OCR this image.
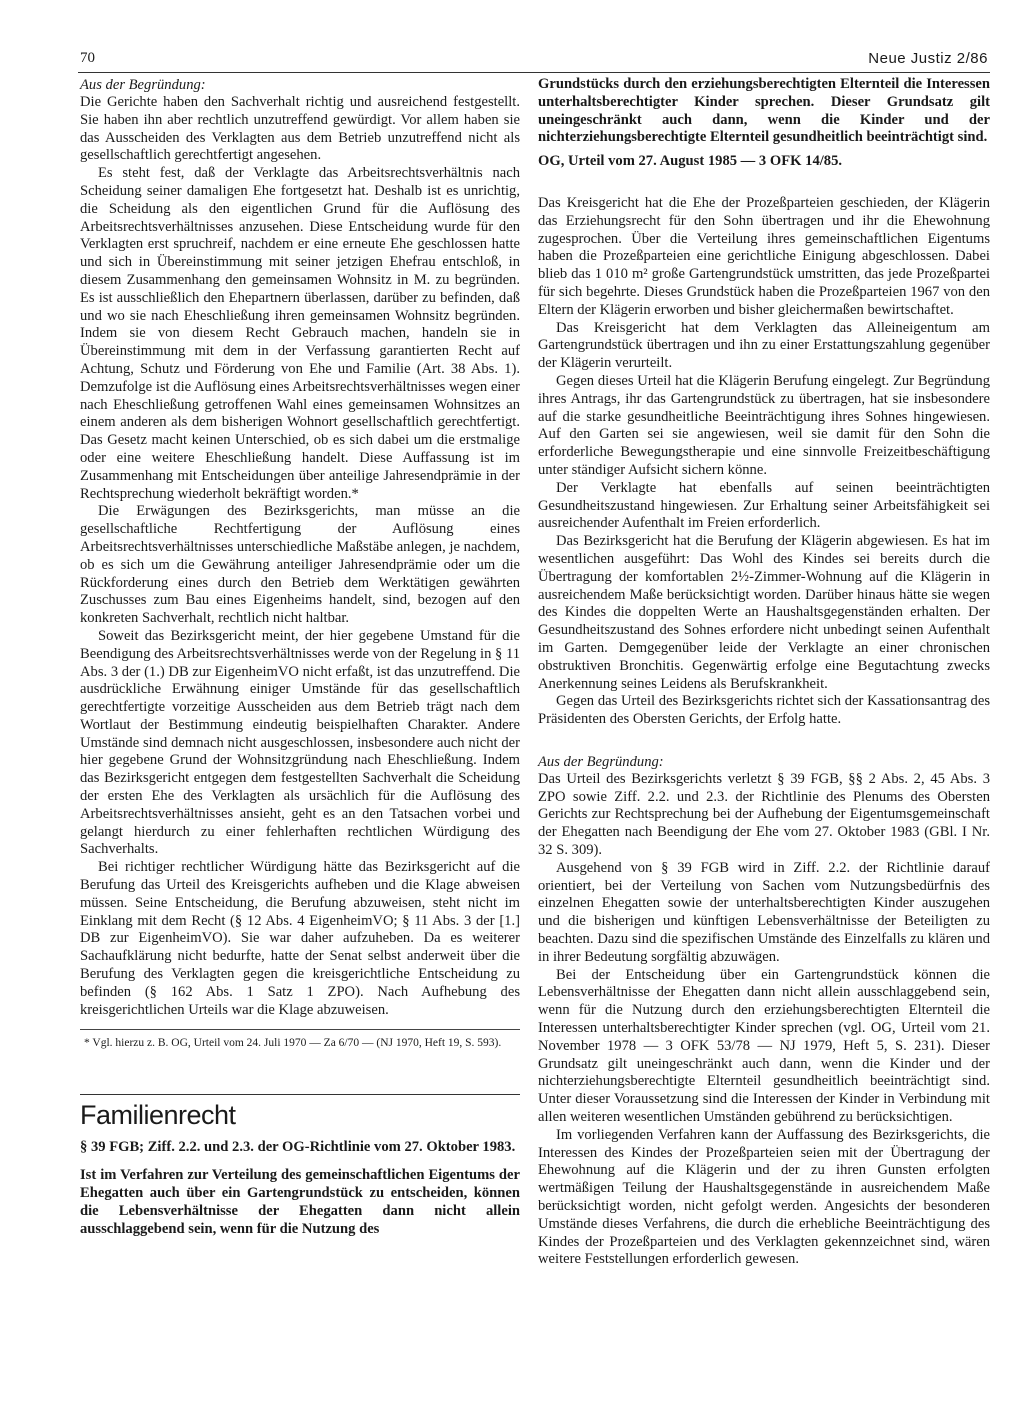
70	Neue Justiz 2/86

Aus der Begründung:

Die Gerichte haben den Sachverhalt richtig und ausreichend festgestellt. Sie haben ihn aber rechtlich unzutreffend gewürdigt. Vor allem haben sie das Ausscheiden des Verklagten aus dem Betrieb unzutreffend nicht als gesellschaftlich gerechtfertigt angesehen.

Es steht fest, daß der Verklagte das Arbeitsrechtsverhältnis nach Scheidung seiner damaligen Ehe fortgesetzt hat. Deshalb ist es unrichtig, die Scheidung als den eigentlichen Grund für die Auflösung des Arbeitsrechtsverhältnisses anzusehen. Diese Entscheidung wurde für den Verklagten erst spruchreif, nachdem er eine erneute Ehe geschlossen hatte und sich in Übereinstimmung mit seiner jetzigen Ehefrau entschloß, in diesem Zusammenhang den gemeinsamen Wohnsitz in M. zu begründen. Es ist ausschließlich den Ehepartnern überlassen, darüber zu befinden, daß und wo sie nach Eheschließung ihren gemeinsamen Wohnsitz begründen. Indem sie von diesem Recht Gebrauch machen, handeln sie in Übereinstimmung mit dem in der Verfassung garantierten Recht auf Achtung, Schutz und Förderung von Ehe und Familie (Art. 38 Abs. 1). Demzufolge ist die Auflösung eines Arbeitsrechtsverhältnisses wegen einer nach Eheschließung getroffenen Wahl eines gemeinsamen Wohnsitzes an einem anderen als dem bisherigen Wohnort gesellschaftlich gerechtfertigt. Das Gesetz macht keinen Unterschied, ob es sich dabei um die erstmalige oder eine weitere Eheschließung handelt. Diese Auffassung ist im Zusammenhang mit Entscheidungen über anteilige Jahresendprämie in der Rechtsprechung wiederholt bekräftigt worden.*

Die Erwägungen des Bezirksgerichts, man müsse an die gesellschaftliche Rechtfertigung der Auflösung eines Arbeitsrechtsverhältnisses unterschiedliche Maßstäbe anlegen, je nachdem, ob es sich um die Gewährung anteiliger Jahresendprämie oder um die Rückforderung eines durch den Betrieb dem Werktätigen gewährten Zuschusses zum Bau eines Eigenheims handelt, sind, bezogen auf den konkreten Sachverhalt, rechtlich nicht haltbar.

Soweit das Bezirksgericht meint, der hier gegebene Umstand für die Beendigung des Arbeitsrechtsverhältnisses werde von der Regelung in § 11 Abs. 3 der (1.) DB zur EigenheimVO nicht erfaßt, ist das unzutreffend. Die ausdrückliche Erwähnung einiger Umstände für das gesellschaftlich gerechtfertigte vorzeitige Ausscheiden aus dem Betrieb trägt nach dem Wortlaut der Bestimmung eindeutig beispielhaften Charakter. Andere Umstände sind demnach nicht ausgeschlossen, insbesondere auch nicht der hier gegebene Grund der Wohnsitzgründung nach Eheschließung. Indem das Bezirksgericht entgegen dem festgestellten Sachverhalt die Scheidung der ersten Ehe des Verklagten als ursächlich für die Auflösung des Arbeitsrechtsverhältnisses ansieht, geht es an den Tatsachen vorbei und gelangt hierdurch zu einer fehlerhaften rechtlichen Würdigung des Sachverhalts.

Bei richtiger rechtlicher Würdigung hätte das Bezirksgericht auf die Berufung das Urteil des Kreisgerichts aufheben und die Klage abweisen müssen. Seine Entscheidung, die Berufung abzuweisen, steht nicht im Einklang mit dem Recht (§ 12 Abs. 4 EigenheimVO; § 11 Abs. 3 der [1.] DB zur EigenheimVO). Sie war daher aufzuheben. Da es weiterer Sachaufklärung nicht bedurfte, hatte der Senat selbst anderweit über die Berufung des Verklagten gegen die kreisgerichtliche Entscheidung zu befinden (§ 162 Abs. 1 Satz 1 ZPO). Nach Aufhebung des kreisgerichtlichen Urteils war die Klage abzuweisen.

* Vgl. hierzu z. B. OG, Urteil vom 24. Juli 1970 — Za 6/70 — (NJ 1970, Heft 19, S. 593).

Familienrecht

§ 39 FGB; Ziff. 2.2. und 2.3. der OG-Richtlinie vom 27. Oktober 1983.

Ist im Verfahren zur Verteilung des gemeinschaftlichen Eigentums der Ehegatten auch über ein Gartengrundstück zu entscheiden, können die Lebensverhältnisse der Ehegatten dann nicht allein ausschlaggebend sein, wenn für die Nutzung des

Grundstücks durch den erziehungsberechtigten Elternteil die Interessen unterhaltsberechtigter Kinder sprechen. Dieser Grundsatz gilt uneingeschränkt auch dann, wenn die Kinder und der nichterziehungsberechtigte Elternteil gesundheitlich beeinträchtigt sind.

OG, Urteil vom 27. August 1985 — 3 OFK 14/85.

Das Kreisgericht hat die Ehe der Prozeßparteien geschieden, der Klägerin das Erziehungsrecht für den Sohn übertragen und ihr die Ehewohnung zugesprochen. Über die Verteilung ihres gemeinschaftlichen Eigentums haben die Prozeßparteien eine gerichtliche Einigung abgeschlossen. Dabei blieb das 1 010 m² große Gartengrundstück umstritten, das jede Prozeßpartei für sich begehrte. Dieses Grundstück haben die Prozeßparteien 1967 von den Eltern der Klägerin erworben und bisher gleichermaßen bewirtschaftet.

Das Kreisgericht hat dem Verklagten das Alleineigentum am Gartengrundstück übertragen und ihn zu einer Erstattungszahlung gegenüber der Klägerin verurteilt.

Gegen dieses Urteil hat die Klägerin Berufung eingelegt. Zur Begründung ihres Antrags, ihr das Gartengrundstück zu übertragen, hat sie insbesondere auf die starke gesundheitliche Beeinträchtigung ihres Sohnes hingewiesen. Auf den Garten sei sie angewiesen, weil sie damit für den Sohn die erforderliche Bewegungstherapie und eine sinnvolle Freizeitbeschäftigung unter ständiger Aufsicht sichern könne.

Der Verklagte hat ebenfalls auf seinen beeinträchtigten Gesundheitszustand hingewiesen. Zur Erhaltung seiner Arbeitsfähigkeit sei ausreichender Aufenthalt im Freien erforderlich.

Das Bezirksgericht hat die Berufung der Klägerin abgewiesen. Es hat im wesentlichen ausgeführt: Das Wohl des Kindes sei bereits durch die Übertragung der komfortablen 2½-Zimmer-Wohnung auf die Klägerin in ausreichendem Maße berücksichtigt worden. Darüber hinaus hätte sie wegen des Kindes die doppelten Werte an Haushaltsgegenständen erhalten. Der Gesundheitszustand des Sohnes erfordere nicht unbedingt seinen Aufenthalt im Garten. Demgegenüber leide der Verklagte an einer chronischen obstruktiven Bronchitis. Gegenwärtig erfolge eine Begutachtung zwecks Anerkennung seines Leidens als Berufskrankheit.

Gegen das Urteil des Bezirksgerichts richtet sich der Kassationsantrag des Präsidenten des Obersten Gerichts, der Erfolg hatte.

Aus der Begründung:

Das Urteil des Bezirksgerichts verletzt § 39 FGB, §§ 2 Abs. 2, 45 Abs. 3 ZPO sowie Ziff. 2.2. und 2.3. der Richtlinie des Plenums des Obersten Gerichts zur Rechtsprechung bei der Aufhebung der Eigentumsgemeinschaft der Ehegatten nach Beendigung der Ehe vom 27. Oktober 1983 (GBl. I Nr. 32 S. 309).

Ausgehend von § 39 FGB wird in Ziff. 2.2. der Richtlinie darauf orientiert, bei der Verteilung von Sachen vom Nutzungsbedürfnis des einzelnen Ehegatten sowie der unterhaltsberechtigten Kinder auszugehen und die bisherigen und künftigen Lebensverhältnisse der Beteiligten zu beachten. Dazu sind die spezifischen Umstände des Einzelfalls zu klären und in ihrer Bedeutung sorgfältig abzuwägen.

Bei der Entscheidung über ein Gartengrundstück können die Lebensverhältnisse der Ehegatten dann nicht allein ausschlaggebend sein, wenn für die Nutzung durch den erziehungsberechtigten Elternteil die Interessen unterhaltsberechtigter Kinder sprechen (vgl. OG, Urteil vom 21. November 1978 — 3 OFK 53/78 — NJ 1979, Heft 5, S. 231). Dieser Grundsatz gilt uneingeschränkt auch dann, wenn die Kinder und der nichterziehungsberechtigte Elternteil gesundheitlich beeinträchtigt sind. Unter dieser Voraussetzung sind die Interessen der Kinder in Verbindung mit allen weiteren wesentlichen Umständen gebührend zu berücksichtigen.

Im vorliegenden Verfahren kann der Auffassung des Bezirksgerichts, die Interessen des Kindes der Prozeßparteien seien mit der Übertragung der Ehewohnung auf die Klägerin und der zu ihren Gunsten erfolgten wertmäßigen Teilung der Haushaltsgegenstände in ausreichendem Maße berücksichtigt worden, nicht gefolgt werden. Angesichts der besonderen Umstände dieses Verfahrens, die durch die erhebliche Beeinträchtigung des Kindes der Prozeßparteien und des Verklagten gekennzeichnet sind, wären weitere Feststellungen erforderlich gewesen.
